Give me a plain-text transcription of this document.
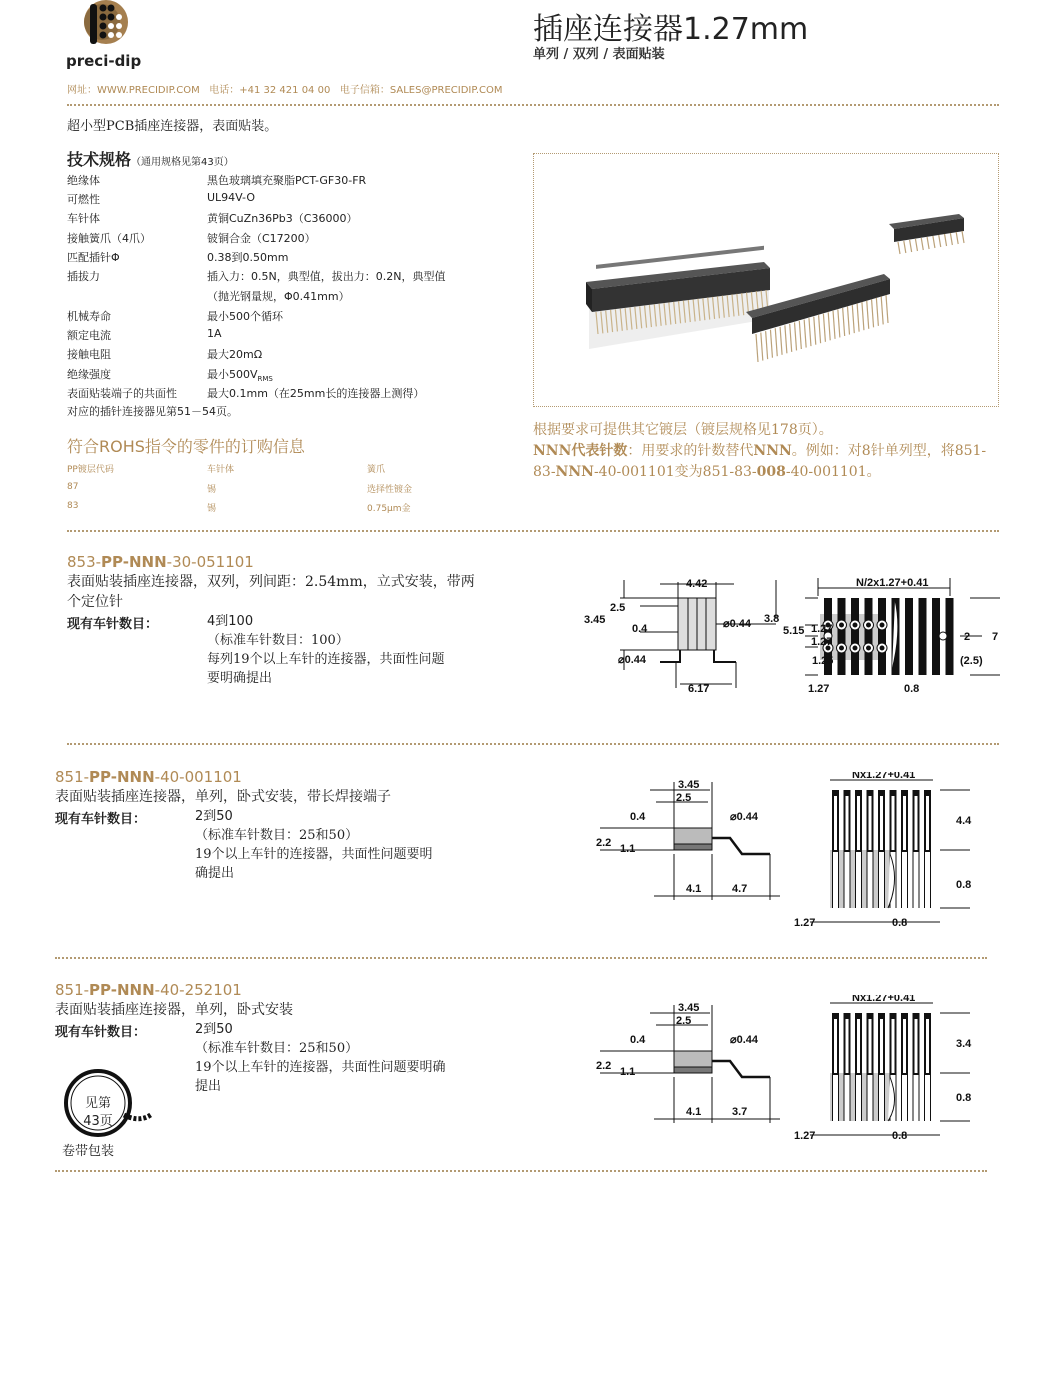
preci-dip
插座连接器1.27mm
单列 / 双列 / 表面贴装
网址：WWW.PRECIDIP.COM   电话：+41 32 421 04 00   电子信箱：SALES@PRECIDIP.COM
超小型PCB插座连接器，表面贴装。
技术规格（通用规格见第43页）
绝缘体	黑色玻璃填充聚脂PCT-GF30-FR
可燃性	UL94V-O
车针体	黄铜CuZn36Pb3（C36000）
接触簧爪（4爪）	铍铜合金（C17200）
匹配插针Φ	0.38到0.50mm
插拔力	插入力：0.5N，典型值，拔出力：0.2N，典型值
（抛光钢量规，Φ0.41mm）
机械寿命	最小500个循环
额定电流	1A
接触电阻	最大20mΩ
绝缘强度	最小$500V_{RMS}$
表面贴装端子的共面性	最大0.1mm（在25mm长的连接器上测得）
对应的插针连接器见第51－54页。
符合ROHS指令的零件的订购信息
PP镀层代码	车针体	簧爪
87	锡	选择性镀金
83	锡	0.75μm金
根据要求可提供其它镀层（镀层规格见178页）。
NNN代表针数：用要求的针数替代NNN。例如：对8针单列型，将851-
83-NNN-40-001101变为851-83-008-40-001101。
853-PP-NNN-30-051101
表面贴装插座连接器，双列，列间距：2.54mm，立式安装，带两
个定位针
现有车针数目：	4到100
（标准车针数目：100）
每列19个以上车针的连接器，共面性问题
要明确提出
4.42
2.5
3.45
0.4	⌀0.44 3.8
⌀0.44
6.17
N/2x1.27+0.41
5.15 1.27
1.27
1.25
2 7
(2.5)
1.27	0.8
851-PP-NNN-40-001101
表面贴装插座连接器，单列，卧式安装，带长焊接端子
现有车针数目：	2到50
（标准车针数目：25和50）
19个以上车针的连接器，共面性问题要明
确提出
3.45
2.5
0.4	⌀0.44
2.2 1.1
4.1	4.7
Nx1.27+0.41
4.4
0.8
1.27	0.8
851-PP-NNN-40-252101
表面贴装插座连接器，单列，卧式安装
现有车针数目：	2到50
（标准车针数目：25和50）
19个以上车针的连接器，共面性问题要明确
提出
3.45
2.5
0.4	⌀0.44
2.2 1.1
4.1	3.7
Nx1.27+0.41
3.4
0.8
1.27	0.8
见第
43页
卷带包装
